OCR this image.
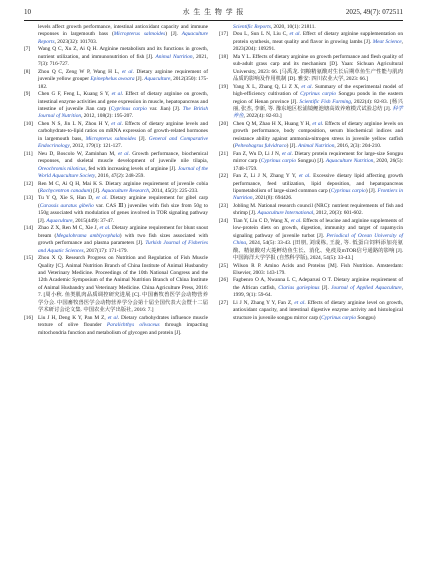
10	水 生 生 物 学 报	2025, 49(7): 072511
levels affect growth performance, intestinal antioxidant capacity and immune responses in largemouth bass (Micropterus salmoides) [J]. Aquaculture Reports, 2023(32): 101703.
[7]	Wang Q C, Xu Z, Ai Q H. Arginine metabolism and its functions in growth, nutrient utilization, and immunonutrition of fish [J]. Animal Nutrition, 2021, 7(3): 716-727.
[8]	Zhou Q C, Zeng W P, Wang H L, et al. Dietary arginine requirement of juvenile yellow grouper Epinephelus awoara [J]. Aquaculture, 2012(350): 175-182.
[9]	Chen G F, Feng L, Kuang S Y, et al. Effect of dietary arginine on growth, intestinal enzyme activities and gene expression in muscle, hepatopancreas and intestine of juvenile Jian carp (Cyprinus carpio var. Jian) [J]. The British Journal of Nutrition, 2012, 108(2): 195-207.
[10] Chen N S, Jin L N, Zhou H Y, et al. Effects of dietary arginine levels and carbohydrate-to-lipid ratios on mRNA expression of growth-related hormones in largemouth bass, Micropterus salmoides [J]. General and Comparative Endocrinology, 2012, 179(1): 121-127.
[11] Neu D, Boscolo W, Zaminhan M, et al. Growth performance, biochemical responses, and skeletal muscle development of juvenile nile tilapia, Oreochromis niloticus, fed with increasing levels of arginine [J]. Journal of the World Aquaculture Society, 2016, 47(2): 248-259.
[12] Ren M C, Ai Q H, Mai K S. Dietary arginine requirement of juvenile cobia (Rachycentron canadum) [J]. Aquaculture Research, 2014, 45(2): 225-233.
[13] Tu Y Q, Xie S, Han D, et al. Dietary arginine requirement for gibel carp (Carassis auratus gibelio var. CAS Ⅲ) juveniles with fish size from 50g to 150g associated with modulation of genes involved in TOR signaling pathway [J]. Aquaculture, 2015(449): 37-47.
[14] Zhao Z X, Ren M C, Xie J, et al. Dietary arginine requirement for blunt snout bream (Megalobrama amblycephala) with two fish sizes associated with growth performance and plasma parameters [J]. Turkish Journal of Fisheries and Aquatic Sciences, 2017(17): 171-179.
[15] Zhou X Q. Research Progress on Nutrition and Regulation of Fish Muscle Quality [C]. Animal Nutrition Branch of China Institute of Animal Husbandry and Veterinary Medicine. Proceedings of the 10th National Congress and the 12th Academic Symposium of the Animal Nutrition Branch of China Institute of Animal Husbandry and Veterinary Medicine. China Agriculture Press, 2016: 7. [周小秋. 鱼类肌肉品质调控研究进展 [C]. 中国畜牧兽医学会动物营养学分会. 中国畜牧兽医学会动物营养学分会第十届全国代表大会暨十二届学术研讨会论文集. 中国农业大学出版社, 2016: 7.]
[16] Liu J H, Deng K Y, Pan M Z, et al. Dietary carbohydrates influence muscle texture of olive flounder Paralichthys olivaceus through impacting mitochondria function and metabolism of glycogen and protein [J].
Scientific Reports, 2020, 10(1): 21811.
[17] Dou L, Sun L N, Liu C, et al. Effect of dietary arginine supplementation on protein synthesis, meat quality and flavor in growing lambs [J]. Meat Science, 2023(204): 109291.
[18] Ma Y L. Effects of dietary arginine on growth performance and flesh quality of sub-adult grass carp and its mechanism [D]. Yaan: Sichuan Agricultural University, 2023: 66. [马禹龙. 饲粮精氨酸对生长后期草鱼生产性能与肌肉品质的影响及作用机制 [D]. 雅安: 四川农业大学, 2023: 66.]
[19] Yang X L, Zhang Q, Li Z X, et al. Summary of the experimental model of high-efficiency cultivation of Cyprinus carpio Songpu ponds in the eastern region of Henan province [J]. Scientific Fish Farming, 2022(4): 82-83. [杨兴丽, 张杰, 李新, 等. 豫东地区松浦镜鲤池塘高效养殖模式试验总结 [J]. 科学养鱼, 2022(4): 82-83.]
[20] Chen Q M, Zhao H X, Huang Y H, et al. Effects of dietary arginine levels on growth performance, body composition, serum biochemical indices and resistance ability against ammonia-nitrogen stress in juvenile yellow catfish (Pelteobagrus fulvidraco) [J]. Animal Nutrition, 2016, 2(3): 204-210.
[21] Fan Z, Wu D, Li J N, et al. Dietary protein requirement for large-size Songpu mirror carp (Cyprinus carpio Songpu) [J]. Aquaculture Nutrition, 2020, 26(5): 1748-1759.
[22] Fan Z, Li J N, Zhang Y Y, et al. Excessive dietary lipid affecting growth performance, feed utilization, lipid deposition, and hepatopancreas lipometabolism of large-sized common carp (Cyprinus carpio) [J]. Frontiers in Nutrition, 2021(8): 694426.
[23] Jobling M. National research council (NRC): nutrient requirements of fish and shrimp [J]. Aquaculture International, 2012, 20(3): 601-602.
[24] Tian Y, Liu C D, Wang X, et al. Effects of leucine and arginine supplements of low-protein diets on growth, digestion, immunity and target of rapamycin signaling pathway of juvenile turbot [J]. Periodical of Ocean University of China, 2024, 54(5): 33-43. [田朋, 刘成栋, 王旋, 等. 低蛋白饲料添加亮氨酸、精氨酸对大菱鲆幼鱼生长、消化、免疫及mTOR信号通路的影响 [J]. 中国海洋大学学报 (自然科学版), 2024, 54(5): 33-43.]
[25] Wilson R P. Amino Acids and Proteins [M]. Fish Nutrition. Amsterdam: Elsevier, 2003: 143-179.
[26] Fagbenro O A, Nwanna L C, Adeparusi O T. Dietary arginine requirement of the African catfish, Clarias gariepinus [J]. Journal of Applied Aquaculture, 1999, 9(1): 59-64.
[27] Li J N, Zhang Y Y, Fan Z, et al. Effects of dietary arginine level on growth, antioxidant capacity, and intestinal digestive enzyme activity and histological structure in juvenile songpu mirror carp (Cyprinus carpio Songpu)
